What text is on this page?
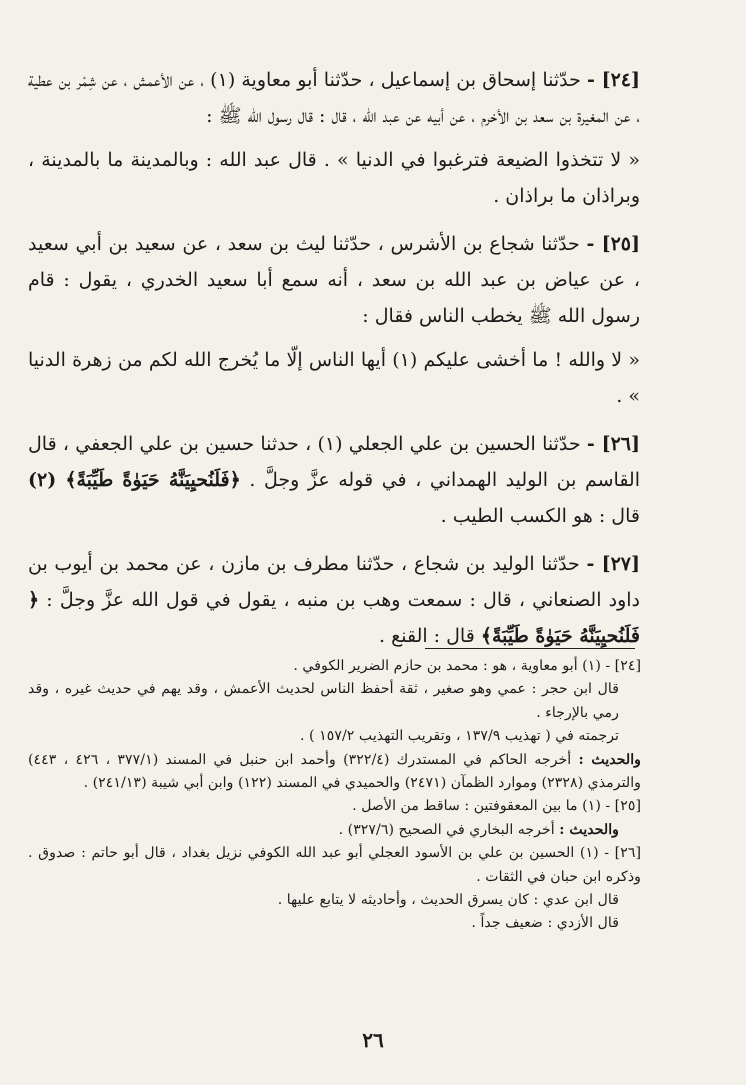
[٢٤] - حدّثنا إسحاق بن إسماعيل ، حدّثنا أبو معاوية (١) ، عن الأعمش ، عن شِمْر بن عطية ، عن المغيرة بن سعد بن الأخرم ، عن أبيه عن عبد الله ، قال : قال رسول الله ﷺ :

« لا تتخذوا الضيعة فترغبوا في الدنيا » . قال عبد الله : وبالمدينة ما بالمدينة ، وبراذان ما براذان .

[٢٥] - حدّثنا شجاع بن الأشرس ، حدّثنا ليث بن سعد ، عن سعيد بن أبي سعيد ، عن عياض بن عبد الله بن سعد ، أنه سمع أبا سعيد الخدري ، يقول : قام رسول الله ﷺ يخطب الناس فقال :

« لا والله ! ما أخشى عليكم (١) أيها الناس إلّا ما يُخرج الله لكم من زهرة الدنيا » .

[٢٦] - حدّثنا الحسين بن علي الجعلي (١) ، حدثنا حسين بن علي الجعفي ، قال القاسم بن الوليد الهمداني ، في قوله عزَّ وجلَّ . ﴿فَلَنُحيِيَنَّهُ حَيَوٰةً طَيِّبَةً﴾ (٢) قال : هو الكسب الطيب .

[٢٧] - حدّثنا الوليد بن شجاع ، حدّثنا مطرف بن مازن ، عن محمد بن أيوب بن داود الصنعاني ، قال : سمعت وهب بن منبه ، يقول في قول الله عزَّ وجلَّ : ﴿ فَلَنُحيِيَنَّهُ حَيَوٰةً طَيِّبَةً﴾ قال : القنع .

[٢٤] - (١) أبو معاوية ، هو : محمد بن حازم الضرير الكوفي .

قال ابن حجر : عمي وهو صغير ، ثقة أحفظ الناس لحديث الأعمش ، وقد يهم في حديث غيره ، وقد رمي بالإرجاء .

ترجمته في ( تهذيب ١٣٧/٩ ، وتقريب التهذيب ١٥٧/٢ ) .

والحديث : أخرجه الحاكم في المستدرك (٣٢٢/٤) وأحمد ابن حنبل في المسند (٣٧٧/١ ، ٤٢٦ ، ٤٤٣) والترمذي (٢٣٢٨) وموارد الظمآن (٢٤٧١) والحميدي في المسند (١٢٢) وابن أبي شيبة (٢٤١/١٣) .

[٢٥] - (١) ما بين المعقوفتين : ساقط من الأصل .

والحديث : أخرجه البخاري في الصحيح (٣٢٧/٦) .

[٢٦] - (١) الحسين بن علي بن الأسود العجلي أبو عبد الله الكوفي نزيل بغداد ، قال أبو حاتم : صدوق . وذكره ابن حبان في الثقات .

قال ابن عدي : كان يسرق الحديث ، وأحاديثه لا يتابع عليها .

قال الأزدي : ضعيف جداً .

٢٦
